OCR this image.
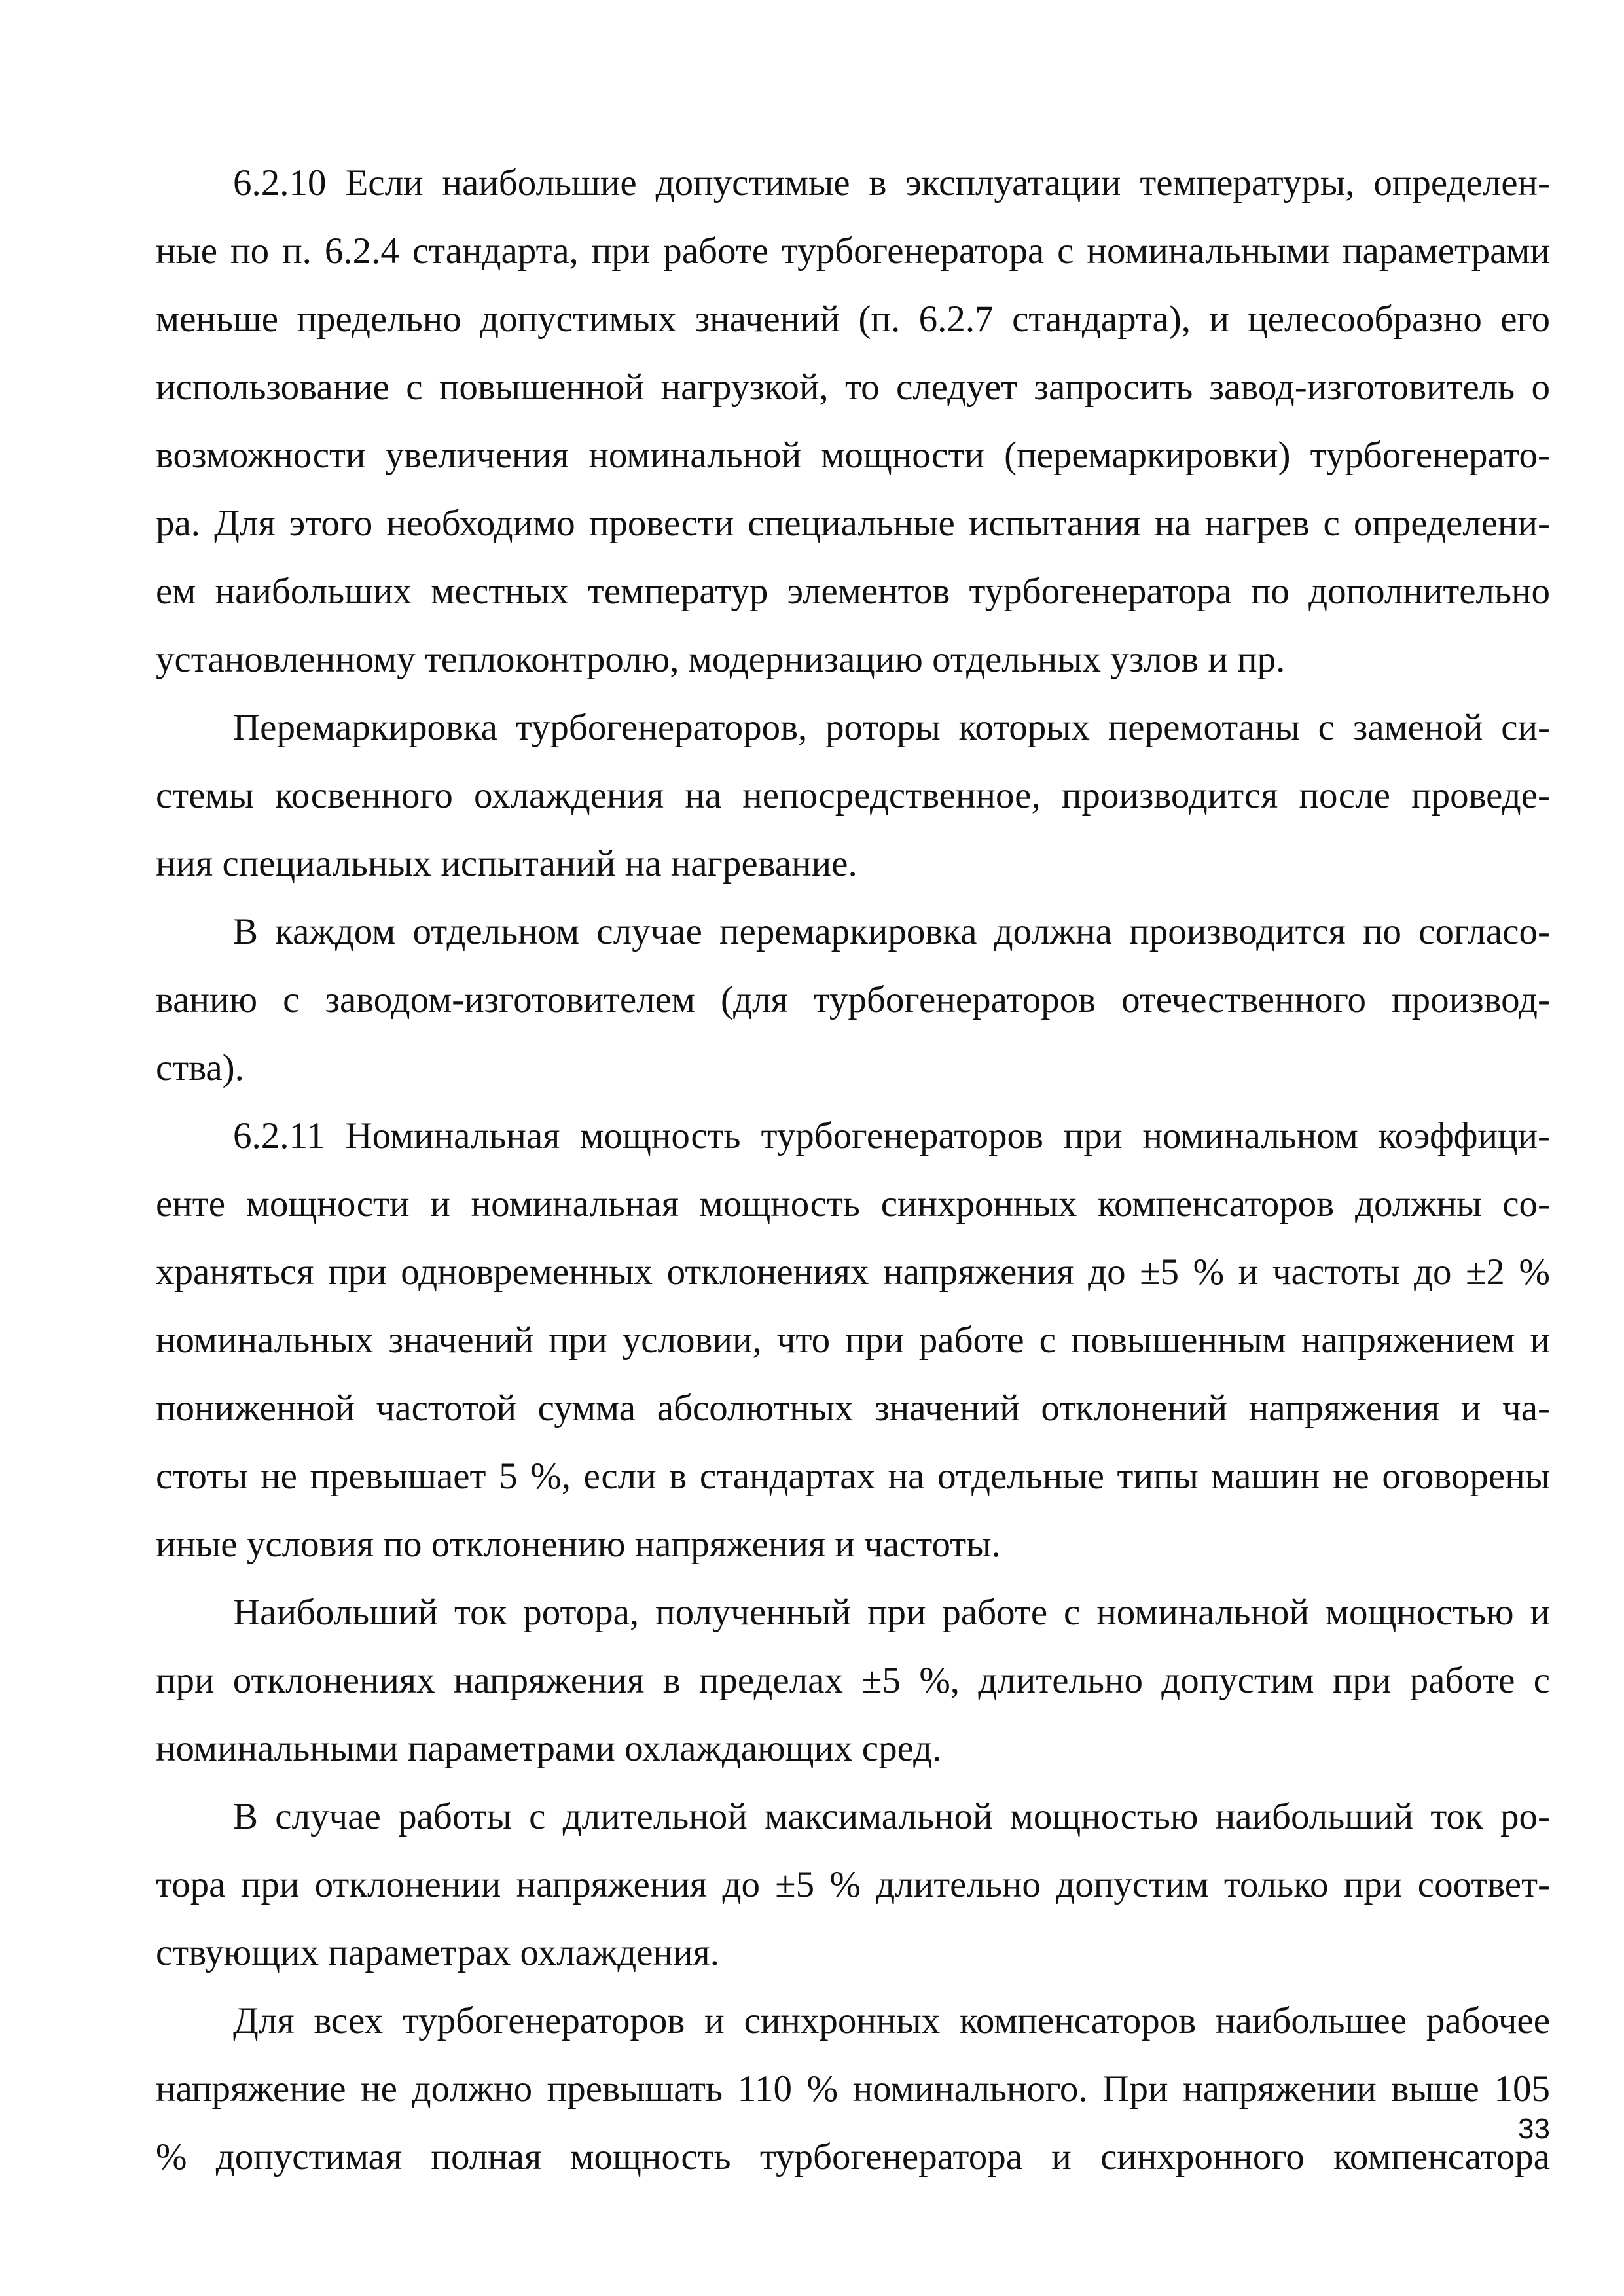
6.2.10 Если наибольшие допустимые в эксплуатации температуры, определен-
ные по п. 6.2.4 стандарта, при работе турбогенератора с номинальными параметрами
меньше предельно допустимых значений (п. 6.2.7 стандарта), и целесообразно его
использование с повышенной нагрузкой, то следует запросить завод-изготовитель о
возможности увеличения номинальной мощности (перемаркировки) турбогенерато-
ра. Для этого необходимо провести специальные испытания на нагрев с определени-
ем наибольших местных температур элементов турбогенератора по дополнительно
установленному теплоконтролю, модернизацию отдельных узлов и пр.
Перемаркировка турбогенераторов, роторы которых перемотаны с заменой си-
стемы косвенного охлаждения на непосредственное, производится после проведе-
ния специальных испытаний на нагревание.
В каждом отдельном случае перемаркировка должна производится по согласо-
ванию с заводом-изготовителем (для турбогенераторов отечественного производ-
ства).
6.2.11 Номинальная мощность турбогенераторов при номинальном коэффици-
енте мощности и номинальная мощность синхронных компенсаторов должны со-
храняться при одновременных отклонениях напряжения до ±5 % и частоты до ±2 %
номинальных значений при условии, что при работе с повышенным напряжением и
пониженной частотой сумма абсолютных значений отклонений напряжения и ча-
стоты не превышает 5 %, если в стандартах на отдельные типы машин не оговорены
иные условия по отклонению напряжения и частоты.
Наибольший ток ротора, полученный при работе с номинальной мощностью и
при отклонениях напряжения в пределах ±5 %, длительно допустим при работе с
номинальными параметрами охлаждающих сред.
В случае работы с длительной максимальной мощностью наибольший ток ро-
тора при отклонении напряжения до ±5 % длительно допустим только при соответ-
ствующих параметрах охлаждения.
Для всех турбогенераторов и синхронных компенсаторов наибольшее рабочее
напряжение не должно превышать 110 % номинального. При напряжении выше 105
% допустимая полная мощность турбогенератора и синхронного компенсатора
33
